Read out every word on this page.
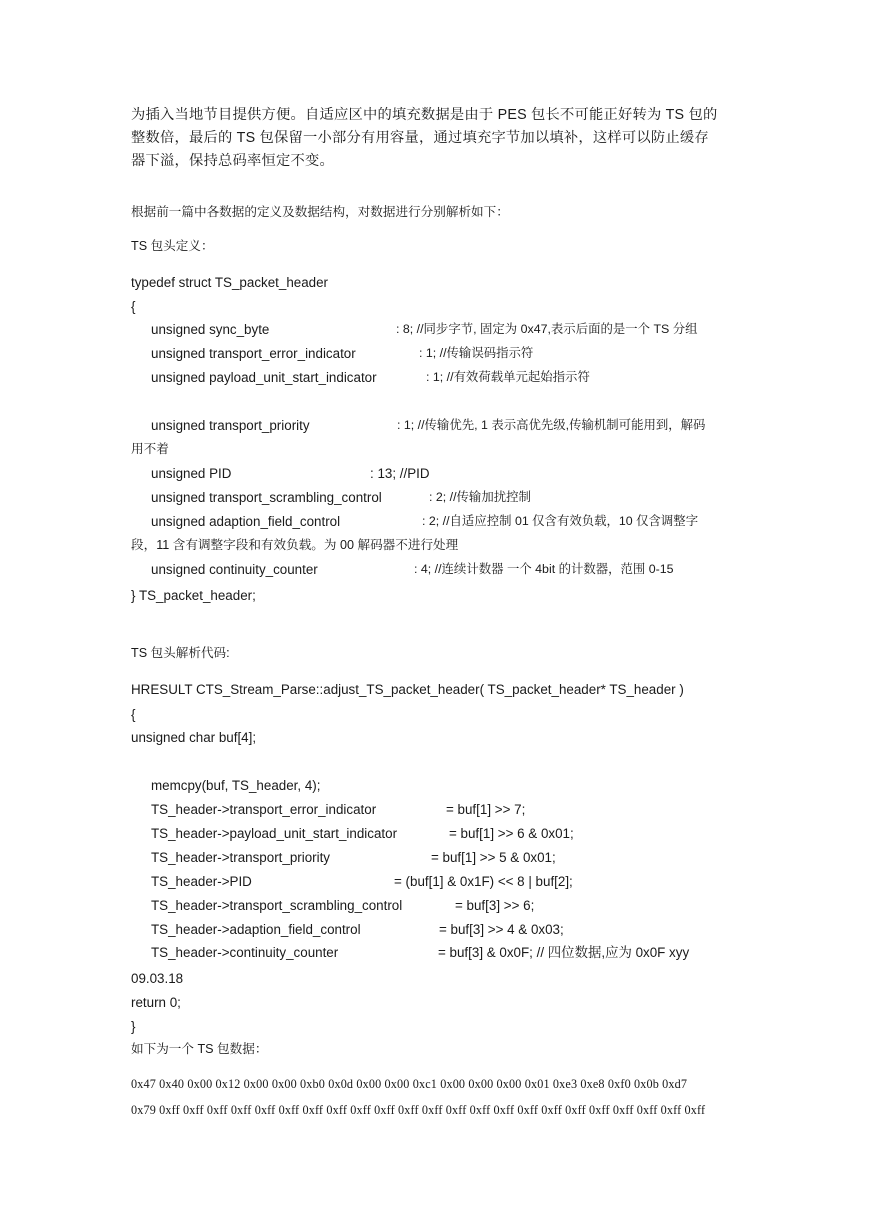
为插入当地节目提供方便。自适应区中的填充数据是由于 PES 包长不可能正好转为 TS 包的
整数倍，最后的 TS 包保留一小部分有用容量，通过填充字节加以填补，这样可以防止缓存
器下溢，保持总码率恒定不变。
根据前一篇中各数据的定义及数据结构，对数据进行分别解析如下：
TS 包头定义：
typedef struct TS_packet_header
{
unsigned sync_byte	: 8; //同步字节, 固定为 0x47,表示后面的是一个 TS 分组
unsigned transport_error_indicator	: 1; //传输误码指示符
unsigned payload_unit_start_indicator	: 1; //有效荷载单元起始指示符
unsigned transport_priority	: 1; //传输优先, 1 表示高优先级,传输机制可能用到，解码
用不着
unsigned PID	: 13; //PID
unsigned transport_scrambling_control	: 2; //传输加扰控制
unsigned adaption_field_control	: 2; //自适应控制 01 仅含有效负载，10 仅含调整字
段，11 含有调整字段和有效负载。为 00 解码器不进行处理
unsigned continuity_counter	: 4; //连续计数器 一个 4bit 的计数器，范围 0-15
} TS_packet_header;
TS 包头解析代码:
HRESULT CTS_Stream_Parse::adjust_TS_packet_header( TS_packet_header* TS_header )
{
unsigned char buf[4];
memcpy(buf, TS_header, 4);
TS_header->transport_error_indicator	= buf[1] >> 7;
TS_header->payload_unit_start_indicator	= buf[1] >> 6 & 0x01;
TS_header->transport_priority	= buf[1] >> 5 & 0x01;
TS_header->PID	= (buf[1] & 0x1F) << 8 | buf[2];
TS_header->transport_scrambling_control	= buf[3] >> 6;
TS_header->adaption_field_control	= buf[3] >> 4 & 0x03;
TS_header->continuity_counter	= buf[3] & 0x0F; // 四位数据,应为 0x0F xyy
09.03.18
return 0;
}
如下为一个 TS 包数据：
0x47 0x40 0x00 0x12 0x00 0x00 0xb0 0x0d 0x00 0x00 0xc1 0x00 0x00 0x00 0x01 0xe3 0xe8 0xf0 0x0b 0xd7
0x79 0xff 0xff 0xff 0xff 0xff 0xff 0xff 0xff 0xff 0xff 0xff 0xff 0xff 0xff 0xff 0xff 0xff 0xff 0xff 0xff 0xff 0xff 0xff
